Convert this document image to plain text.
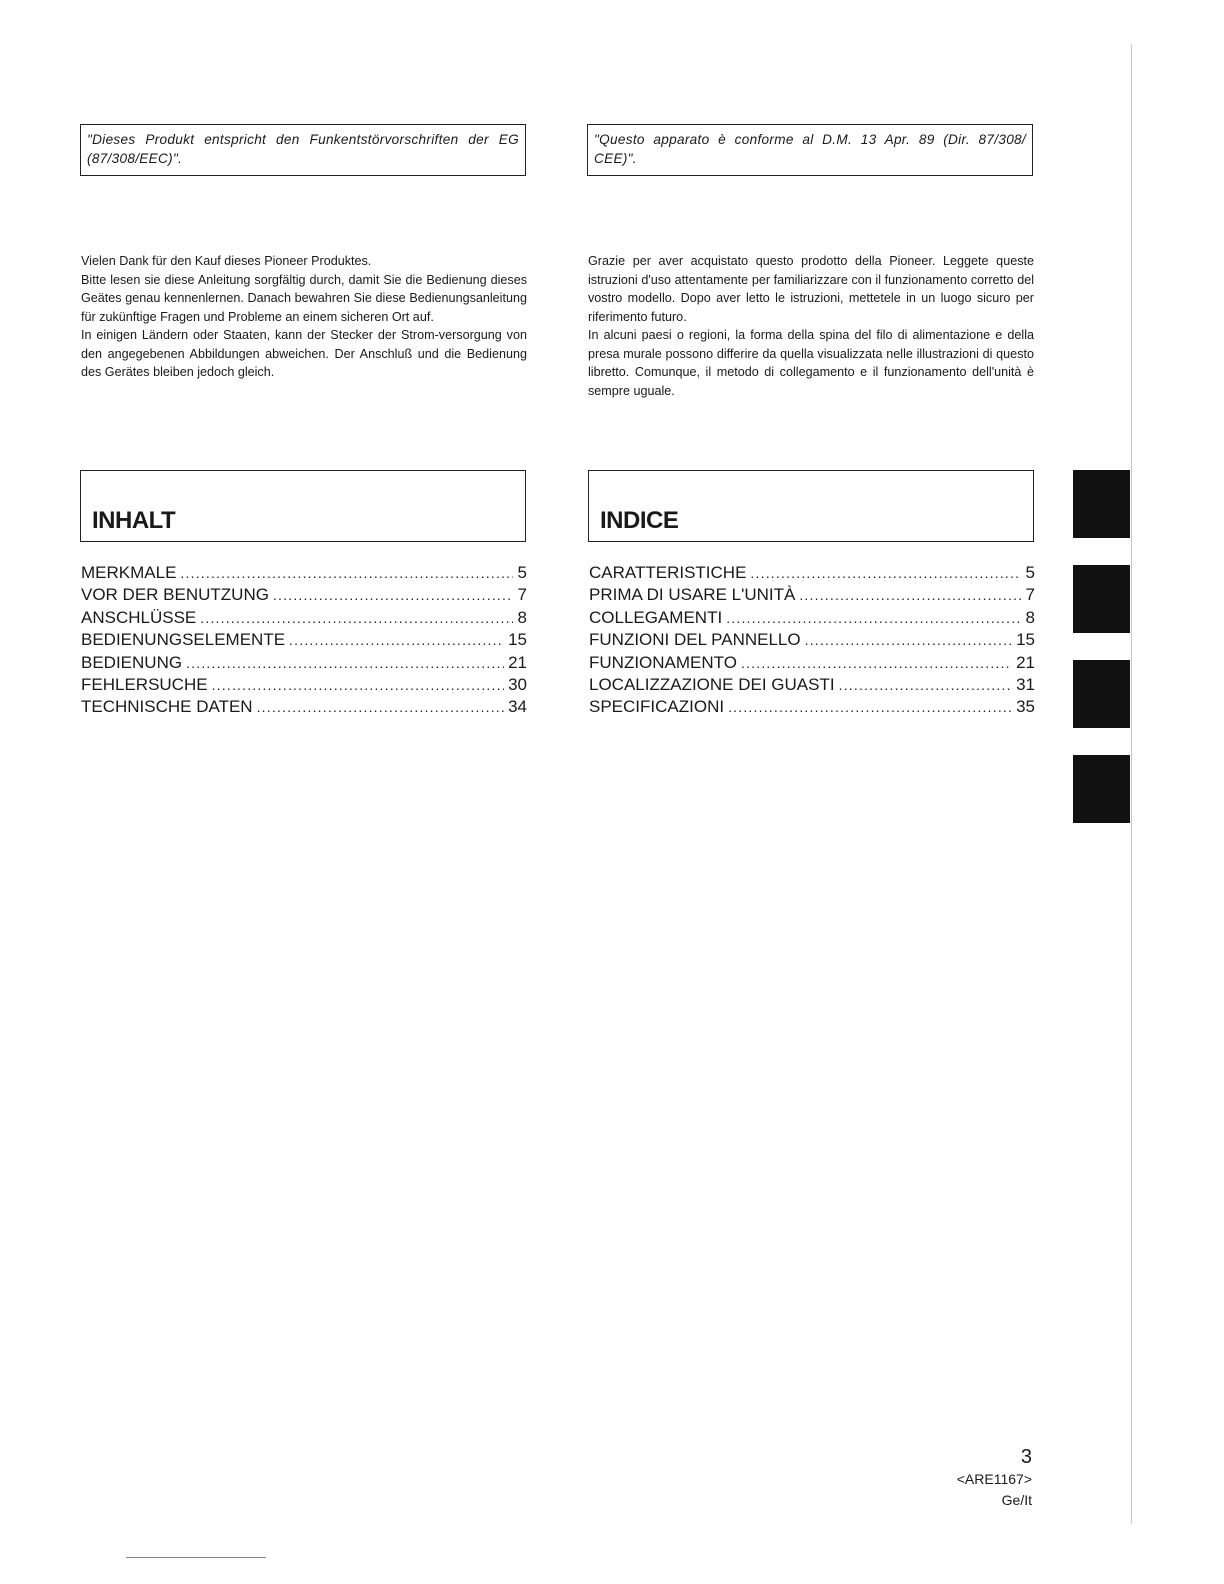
"Dieses Produkt entspricht den Funkentstörvorschriften der EG (87/308/EEC)".

Vielen Dank für den Kauf dieses Pioneer Produktes.

Bitte lesen sie diese Anleitung sorgfältig durch, damit Sie die Bedienung dieses Geätes genau kennenlernen. Danach bewahren Sie diese Bedienungsanleitung für zukünftige Fragen und Probleme an einem sicheren Ort auf.

In einigen Ländern oder Staaten, kann der Stecker der Strom-versorgung von den angegebenen Abbildungen abweichen. Der Anschluß und die Bedienung des Gerätes bleiben jedoch gleich.

INHALT
MERKMALE .....	5
VOR DER BENUTZUNG .....	7
ANSCHLÜSSE .....	8
BEDIENUNGSELEMENTE .....	15
BEDIENUNG .....	21
FEHLERSUCHE .....	30
TECHNISCHE DATEN .....	34
"Questo apparato è conforme al D.M. 13 Apr. 89 (Dir. 87/308/ CEE)".

Grazie per aver acquistato questo prodotto della Pioneer. Leggete queste istruzioni d'uso attentamente per familiarizzare con il funzionamento corretto del vostro modello. Dopo aver letto le istruzioni, mettetele in un luogo sicuro per riferimento futuro.

In alcuni paesi o regioni, la forma della spina del filo di alimentazione e della presa murale possono differire da quella visualizzata nelle illustrazioni di questo libretto. Comunque, il metodo di collegamento e il funzionamento dell'unità è sempre uguale.

INDICE
CARATTERISTICHE .....	5
PRIMA DI USARE L'UNITÀ .....	7
COLLEGAMENTI .....	8
FUNZIONI DEL PANNELLO .....	15
FUNZIONAMENTO .....	21
LOCALIZZAZIONE DEI GUASTI .....	31
SPECIFICAZIONI .....	35
3
<ARE1167>
Ge/It
